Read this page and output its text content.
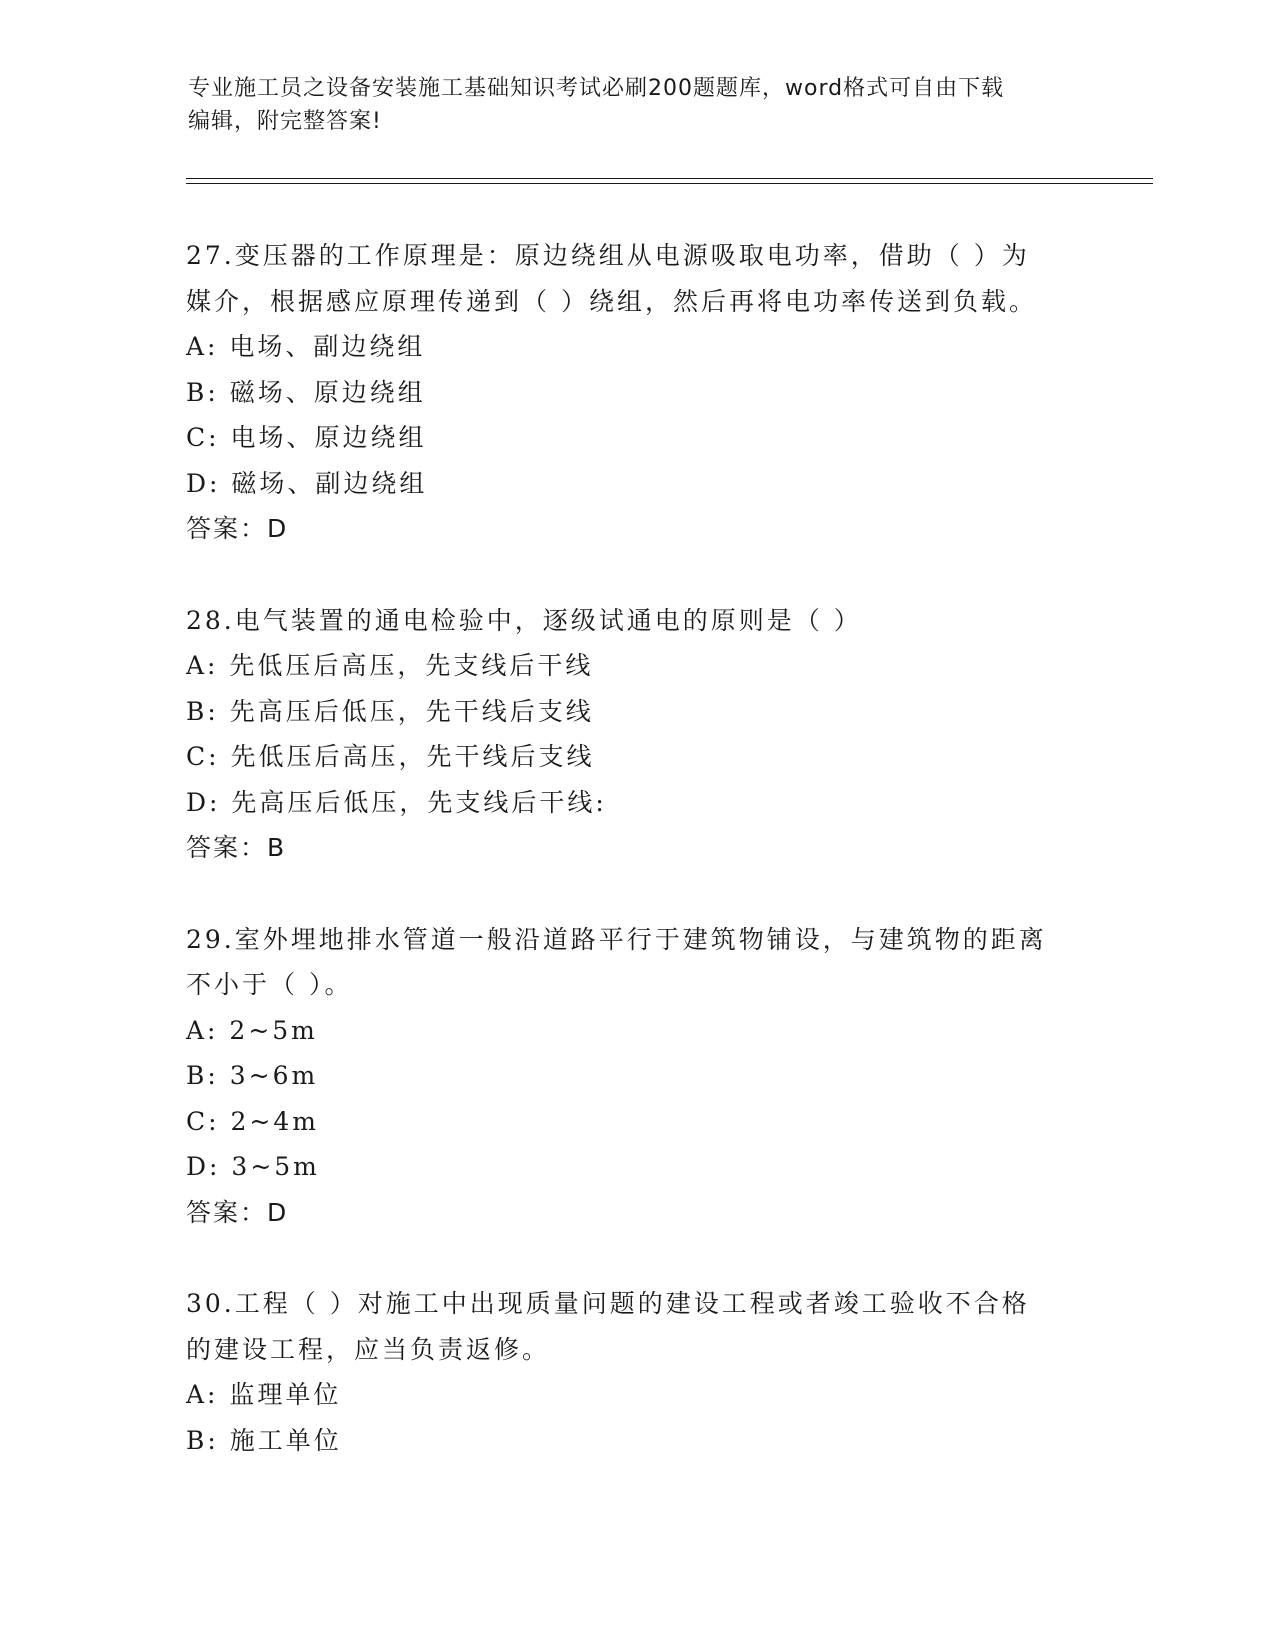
专业施工员之设备安装施工基础知识考试必刷200题题库，word格式可自由下载
编辑，附完整答案!
27.变压器的工作原理是：原边绕组从电源吸取电功率，借助（ ）为
媒介，根据感应原理传递到（ ）绕组，然后再将电功率传送到负载。
A: 电场、副边绕组
B: 磁场、原边绕组
C: 电场、原边绕组
D: 磁场、副边绕组
答案：D
28.电气装置的通电检验中，逐级试通电的原则是（ ）
A: 先低压后高压，先支线后干线
B: 先高压后低压，先干线后支线
C: 先低压后高压，先干线后支线
D: 先高压后低压，先支线后干线:
答案：B
29.室外埋地排水管道一般沿道路平行于建筑物铺设，与建筑物的距离
不小于（ ）。
A: 2~5m
B: 3~6m
C: 2~4m
D: 3~5m
答案：D
30.工程（ ）对施工中出现质量问题的建设工程或者竣工验收不合格
的建设工程，应当负责返修。
A: 监理单位
B: 施工单位
